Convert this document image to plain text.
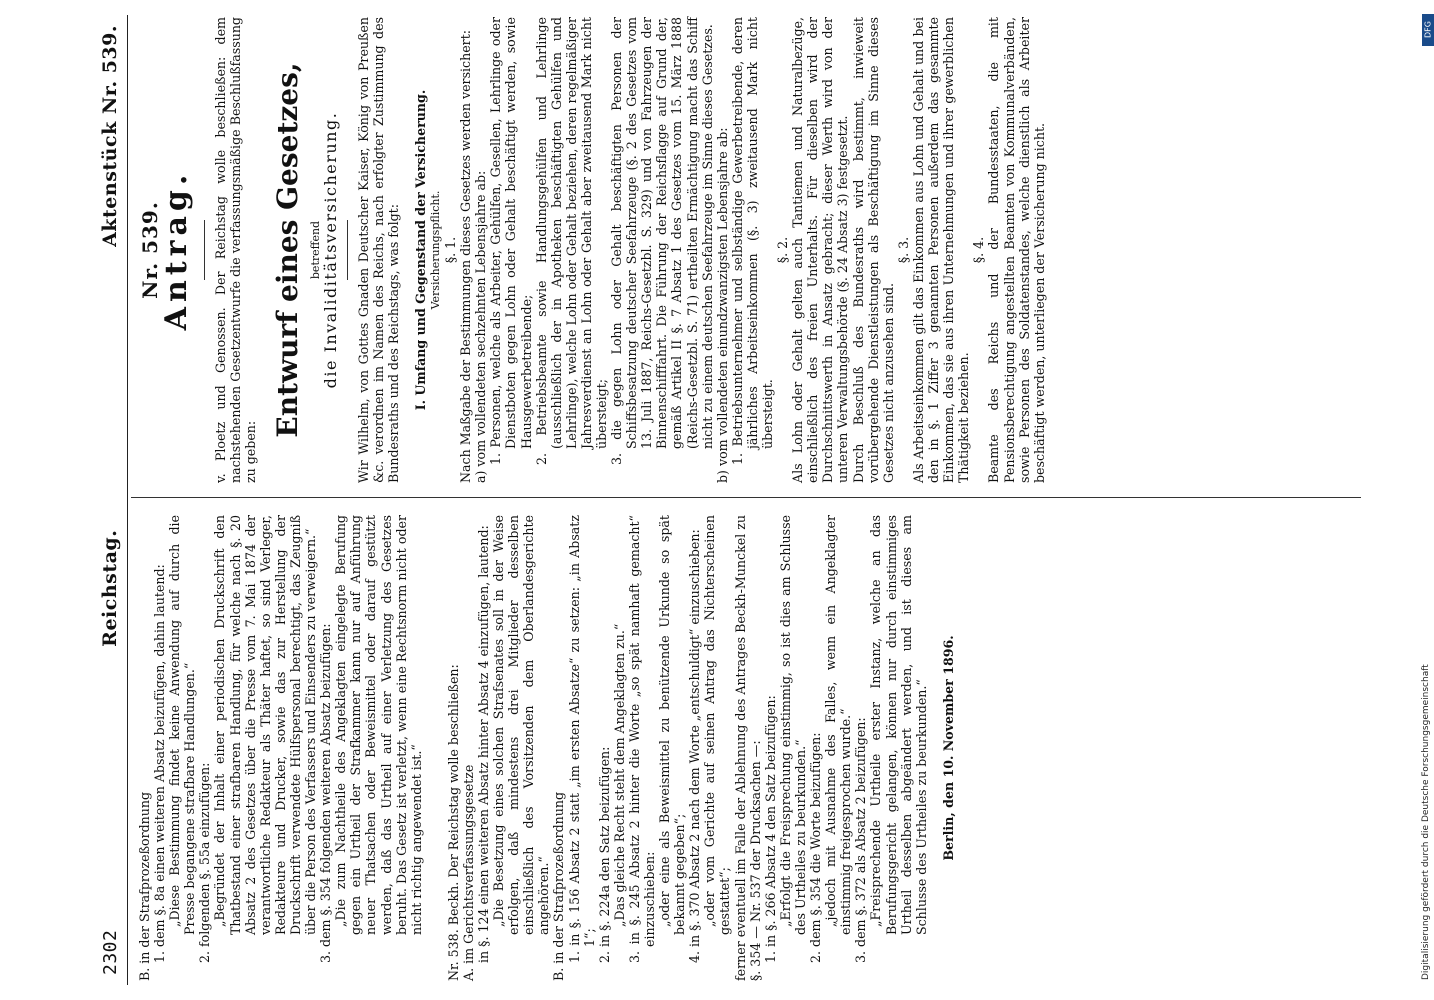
2302
Reichstag.
Aktenstück Nr. 539.

B. in der Strafprozeßordnung 1. dem §. 8a einen weiteren Absatz beizufügen, dahin lautend: „Diese Bestimmung findet keine Anwendung auf durch die Presse begangene strafbare Handlungen.“ 2. folgenden §. 55a einzufügen: „Begründet der Inhalt einer periodischen Druckschrift den Thatbestand einer strafbaren Handlung, für welche nach §. 20 Absatz 2 des Gesetzes über die Presse vom 7. Mai 1874 der verantwortliche Redakteur als Thäter haftet, so sind Verleger, Redakteure und Drucker, sowie das zur Herstellung der Druckschrift verwendete Hülfspersonal berechtigt, das Zeugniß über die Person des Verfassers und Einsenders zu verweigern.“ 3. dem §. 354 folgenden weiteren Absatz beizufügen: „Die zum Nachtheile des Angeklagten eingelegte Berufung gegen ein Urtheil der Strafkammer kann nur auf Anführung neuer Thatsachen oder Beweismittel oder darauf gestützt werden, daß das Urtheil auf einer Verletzung des Gesetzes beruht. Das Gesetz ist verletzt, wenn eine Rechtsnorm nicht oder nicht richtig angewendet ist.“ Nr. 538. Beckh. Der Reichstag wolle beschließen: A. im Gerichtsverfassungsgesetze in §. 124 einen weiteren Absatz hinter Absatz 4 einzufügen, lautend: „Die Besetzung eines solchen Strafsenates soll in der Weise erfolgen, daß mindestens drei Mitglieder desselben einschließlich des Vorsitzenden dem Oberlandesgerichte angehören.“ B. in der Strafprozeßordnung 1. in §. 156 Absatz 2 statt „im ersten Absatze“ zu setzen: „in Absatz 1“; 2. in §. 224a den Satz beizufügen: „Das gleiche Recht steht dem Angeklagten zu.“ 3. in §. 245 Absatz 2 hinter die Worte „so spät namhaft gemacht“ einzuschieben: „oder eine als Beweismittel zu benützende Urkunde so spät bekannt gegeben“; 4. in §. 370 Absatz 2 nach dem Worte „entschuldigt“ einzuschieben: „oder vom Gerichte auf seinen Antrag das Nichterscheinen gestattet“; ferner eventuell im Falle der Ablehnung des Antrages Beckh-Munckel zu §. 354 — Nr. 537 der Drucksachen —: 1. in §. 266 Absatz 4 den Satz beizufügen: „Erfolgt die Freisprechung einstimmig, so ist dies am Schlusse des Urtheiles zu beurkunden.“ 2. dem §. 354 die Worte beizufügen: „jedoch mit Ausnahme des Falles, wenn ein Angeklagter einstimmig freigesprochen wurde.“ 3. dem §. 372 als Absatz 2 beizufügen: „Freisprechende Urtheile erster Instanz, welche an das Berufungsgericht gelangen, können nur durch einstimmiges Urtheil desselben abgeändert werden, und ist dieses am Schlusse des Urtheiles zu beurkunden.“ Berlin, den 10. November 1896.

Nr. 539.
Antrag. v. Ploetz und Genossen. Der Reichstag wolle beschließen: dem nachstehenden Gesetzentwurfe die verfassungsmäßige Beschlußfassung zu geben:

Entwurf eines Gesetzes, betreffend die Invaliditätsversicherung. Wir Wilhelm, von Gottes Gnaden Deutscher Kaiser, König von Preußen &c. verordnen im Namen des Reichs, nach erfolgter Zustimmung des Bundesraths und des Reichstags, was folgt: I. Umfang und Gegenstand der Versicherung. Versicherungspflicht. §. 1. Nach Maßgabe der Bestimmungen dieses Gesetzes werden versichert: a) vom vollendeten sechzehnten Lebensjahre ab: 1. Personen, welche als Arbeiter, Gehülfen, Gesellen, Lehrlinge oder Dienstboten gegen Lohn oder Gehalt beschäftigt werden, sowie Hausgewerbetreibende; 2. Betriebsbeamte sowie Handlungsgehülfen und Lehrlinge (ausschließlich der in Apotheken beschäftigten Gehülfen und Lehrlinge), welche Lohn oder Gehalt beziehen, deren regelmäßiger Jahresverdienst an Lohn oder Gehalt aber zweitausend Mark nicht übersteigt; 3. die gegen Lohn oder Gehalt beschäftigten Personen der Schiffsbesatzung deutscher Seefahrzeuge (§. 2 des Gesetzes vom 13. Juli 1887, Reichs-Gesetzbl. S. 329) und von Fahrzeugen der Binnenschifffahrt. Die Führung der Reichsflagge auf Grund der, gemäß Artikel II §. 7 Absatz 1 des Gesetzes vom 15. März 1888 (Reichs-Gesetzbl. S. 71) ertheilten Ermächtigung macht das Schiff nicht zu einem deutschen Seefahrzeuge im Sinne dieses Gesetzes. b) vom vollendeten einundzwanzigsten Lebensjahre ab: 1. Betriebsunternehmer und selbständige Gewerbetreibende, deren jährliches Arbeitseinkommen (§. 3) zweitausend Mark nicht übersteigt.

§. 2. Als Lohn oder Gehalt gelten auch Tantiemen und Naturalbezüge, einschließlich des freien Unterhalts. Für dieselben wird der Durchschnittswerth in Ansatz gebracht; dieser Werth wird von der unteren Verwaltungsbehörde (§. 24 Absatz 3) festgesetzt. Durch Beschluß des Bundesraths wird bestimmt, inwieweit vorübergehende Dienstleistungen als Beschäftigung im Sinne dieses Gesetzes nicht anzusehen sind.

§. 3. Als Arbeitseinkommen gilt das Einkommen aus Lohn und Gehalt und bei den in §. 1 Ziffer 3 genannten Personen außerdem das gesammte Einkommen, das sie aus ihren Unternehmungen und ihrer gewerblichen Thätigkeit beziehen.

§. 4. Beamte des Reichs und der Bundesstaaten, die mit Pensionsberechtigung angestellten Beamten von Kommunalverbänden, sowie Personen des Soldatenstandes, welche dienstlich als Arbeiter beschäftigt werden, unterliegen der Versicherung nicht.

DFG
Digitalisierung gefördert durch die Deutsche Forschungsgemeinschaft
